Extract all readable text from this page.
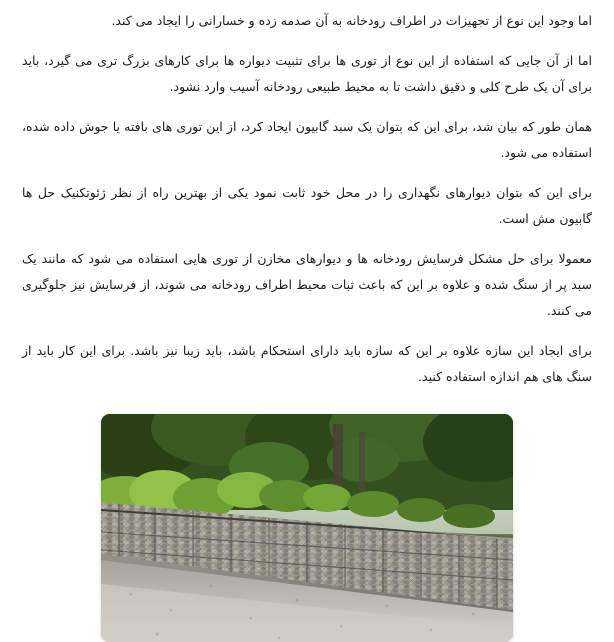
اما وجود این نوع از تجهیزات در اطراف رودخانه به آن صدمه زده و خسارانی را ایجاد می کند.

اما از آن جایی که استفاده از این نوع از توری ها برای تثبیت دیواره ها برای کارهای بزرگ تری می گیرد، باید برای آن یک طرح کلی و دقیق داشت تا به محیط طبیعی رودخانه آسیب وارد نشود.

همان طور که بیان شد، برای این که بتوان یک سبد گابیون ایجاد کرد، از این توری های بافته یا جوش داده شده، استفاده می شود.

برای این که بتوان دیوارهای نگهداری را در محل خود ثابت نمود یکی از بهترین راه از نظر ژئوتکنیک حل ها گابیون مش است.

معمولا برای حل مشکل فرسایش رودخانه ها و دیوارهای مخازن از توری هایی استفاده می شود که مانند یک سبد پر از سنگ شده و علاوه بر این که باعث ثبات محیط اطراف رودخانه می شوند، از فرسایش نیز جلوگیری می کنند.

برای ایجاد این سازه علاوه بر این که سازه باید دارای استحکام باشد، باید زیبا نیز باشد. برای این کار باید از سنگ های هم اندازه استفاده کنید.
